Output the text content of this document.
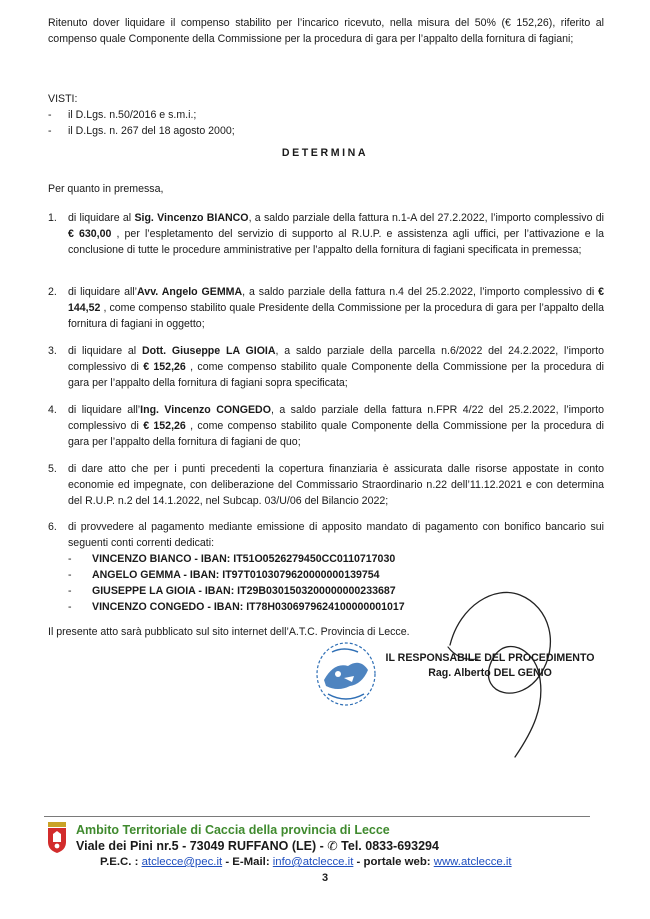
Ritenuto dover liquidare il compenso stabilito per l’incarico ricevuto, nella misura del 50% (€ 152,26), riferito al compenso quale Componente della Commissione per la procedura di gara per l’appalto della fornitura di fagiani;

VISTI:
-	il D.Lgs. n.50/2016 e s.m.i.;
-	il D.Lgs. n. 267 del 18 agosto 2000;
DETERMINA
Per quanto in premessa,
1.	di liquidare al Sig. Vincenzo BIANCO, a saldo parziale della fattura n.1-A del 27.2.2022, l’importo complessivo di € 630,00 , per l’espletamento del servizio di supporto al R.U.P. e assistenza agli uffici, per l’attivazione e la conclusione di tutte le procedure amministrative per l’appalto della fornitura di fagiani specificata in premessa;
2.	di liquidare all’Avv. Angelo GEMMA, a saldo parziale della fattura n.4 del 25.2.2022, l’importo complessivo di € 144,52 , come compenso stabilito quale Presidente della Commissione per la procedura di gara per l’appalto della fornitura di fagiani in oggetto;
3.	di liquidare al Dott. Giuseppe LA GIOIA, a saldo parziale della parcella n.6/2022 del 24.2.2022, l’importo complessivo di € 152,26 , come compenso stabilito quale Componente della Commissione per la procedura di gara per l’appalto della fornitura di fagiani sopra specificata;
4.	di liquidare all’Ing. Vincenzo CONGEDO, a saldo parziale della fattura n.FPR 4/22 del 25.2.2022, l’importo complessivo di € 152,26 , come compenso stabilito quale Componente della Commissione per la procedura di gara per l’appalto della fornitura di fagiani de quo;
5.	di dare atto che per i punti precedenti la copertura finanziaria è assicurata dalle risorse appostate in conto economie ed impegnate, con deliberazione del Commissario Straordinario n.22 dell’11.12.2021 e con determina del R.U.P. n.2 del 14.1.2022, nel Subcap. 03/U/06 del Bilancio 2022;
6.	di provvedere al pagamento mediante emissione di apposito mandato di pagamento con bonifico bancario sui seguenti conti correnti dedicati:
-	VINCENZO BIANCO - IBAN: IT51O0526279450CC0110717030
-	ANGELO GEMMA - IBAN: IT97T0103079620000000139754
-	GIUSEPPE LA GIOIA - IBAN: IT29B0301503200000000233687
-	VINCENZO CONGEDO - IBAN: IT78H0306979624100000001017
Il presente atto sarà pubblicato sul sito internet dell’A.T.C. Provincia di Lecce.
IL RESPONSABILE DEL PROCEDIMENTO
Rag. Alberto DEL GENIO
Ambito Territoriale di Caccia della provincia di Lecce
Viale dei Pini nr.5 - 73049 RUFFANO (LE) - ✆ Tel. 0833-693294
P.E.C. : atclecce@pec.it - E-Mail: info@atclecce.it - portale web: www.atclecce.it
3
